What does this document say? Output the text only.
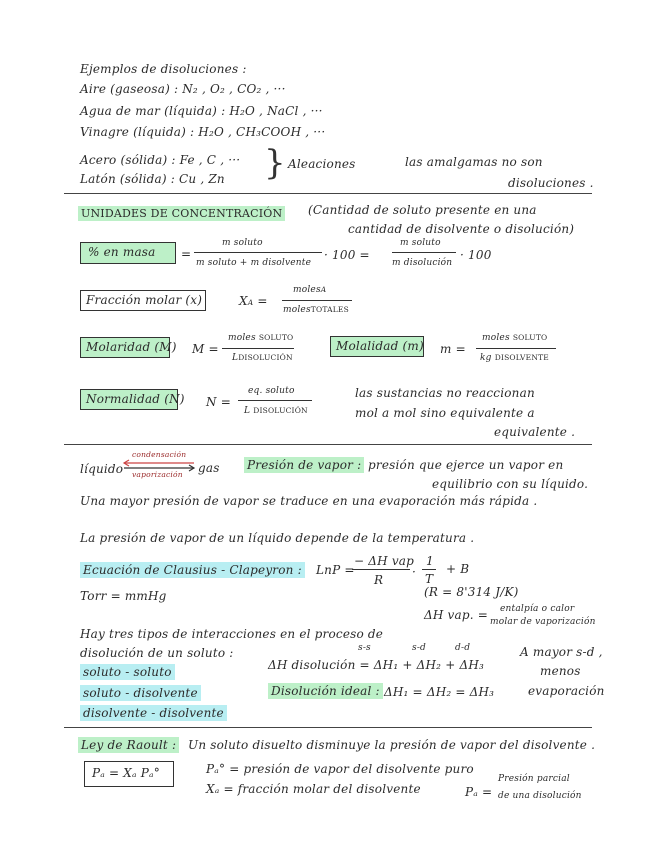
Ejemplos de disoluciones :
Aire (gaseosa) : N₂ , O₂ , CO₂ , ···
Agua de mar (líquida) : H₂O , NaCl , ···
Vinagre (líquida) : H₂O , CH₃COOH , ···
Acero (sólida) : Fe , C , ···
Latón (sólida) : Cu , Zn } Aleaciones	las amalgamas no son
disoluciones .
UNIDADES DE CONCENTRACIÓN (Cantidad de soluto presente en una
cantidad de disolvente o disolución)
% en masa =
m soluto
m soluto + m disolvente
· 100 =
m soluto
m disolución
· 100
Fracción molar (x)	XA =
molesA
molesTOTALES
Molaridad (M) M =
moles SOLUTO
LDISOLUCIÓN
Molalidad (m) m =
moles SOLUTO
kg DISOLVENTE
Normalidad (N) N =
eq. soluto
L DISOLUCIÓN
las sustancias no reaccionan
mol a mol sino equivalente a
equivalente .
líquido
condensación
vaporización gas Presión de vapor : presión que ejerce un vapor en
equilibrio con su líquido.
Una mayor presión de vapor se traduce en una evaporación más rápida .
La presión de vapor de un líquido depende de la temperatura .
Ecuación de Clausius - Clapeyron : LnP =
− ΔH vap
R
·
1
T
+ B
(R = 8'314 J/K)
Torr = mmHg
ΔH vap. = entalpía o calor
molar de vaporización
Hay tres tipos de interacciones en el proceso de
disolución de un soluto :	s-s	s-d	d-d
ΔH disolución = ΔH₁ + ΔH₂ + ΔH₃
A mayor s-d ,
menos
evaporación
soluto - soluto
soluto - disolvente
disolvente - disolvente
Disolución ideal : ΔH₁ = ΔH₂ = ΔH₃
Ley de Raoult : Un soluto disuelto disminuye la presión de vapor del disolvente .
Pₐ = Xₐ Pₐ°	Pₐ° = presión de vapor del disolvente puro
Xₐ = fracción molar del disolvente	Pₐ =
Presión parcial
de una disolución
